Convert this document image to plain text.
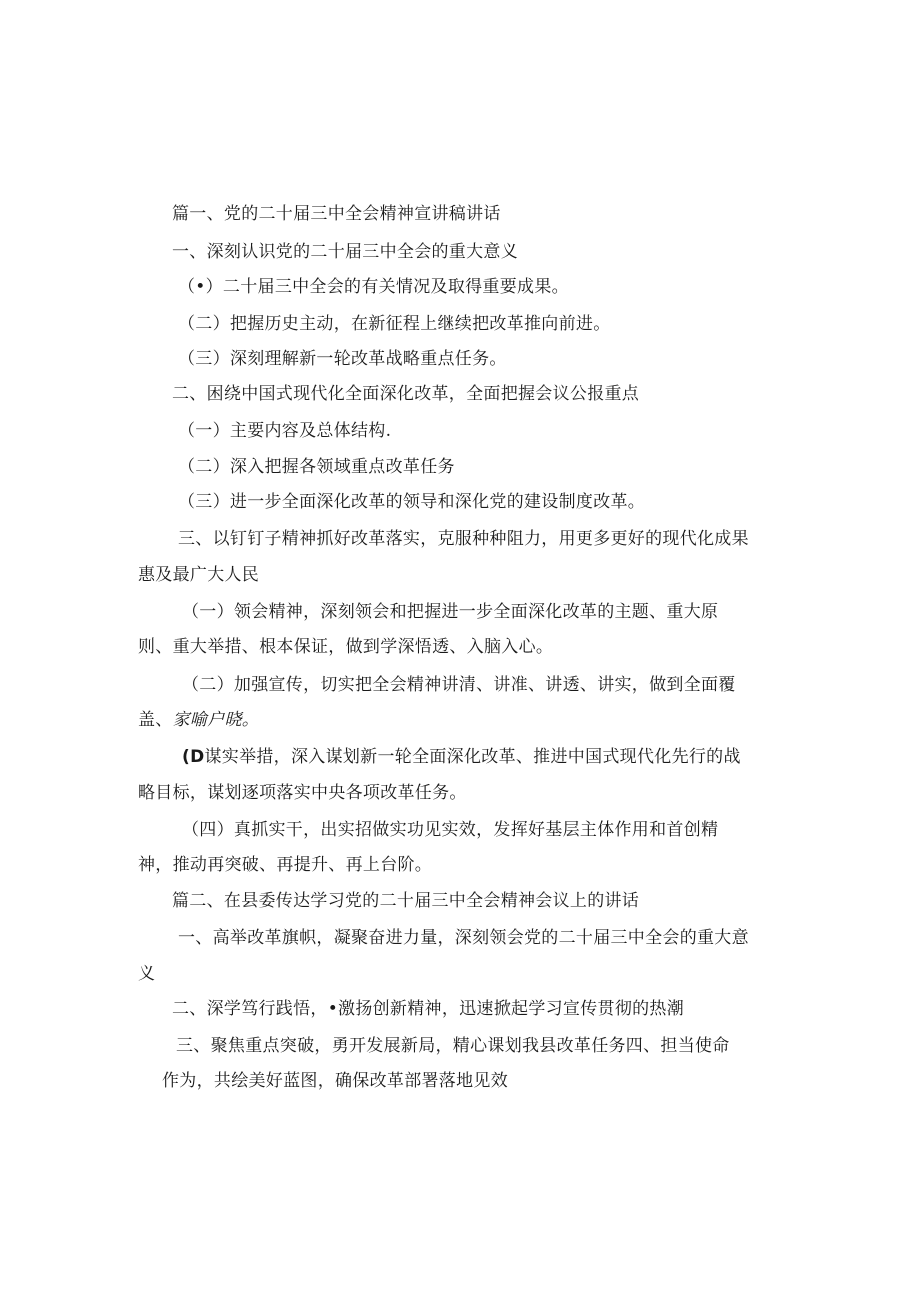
篇一、党的二十届三中全会精神宣讲稿讲话
一、深刻认识党的二十届三中全会的重大意义
（•）二十届三中全会的有关情况及取得重要成果。
（二）把握历史主动，在新征程上继续把改革推向前进。
（三）深刻理解新一轮改革战略重点任务。
二、困绕中国式现代化全面深化改革，全面把握会议公报重点
（一）主要内容及总体结构.
（二）深入把握各领域重点改革任务
（三）进一步全面深化改革的领导和深化党的建设制度改革。
三、以钉钉子精神抓好改革落实，克服种种阻力，用更多更好的现代化成果
惠及最广大人民
（一）领会精神，深刻领会和把握进一步全面深化改革的主题、重大原
则、重大举措、根本保证，做到学深悟透、入脑入心。
（二）加强宣传，切实把全会精神讲清、讲准、讲透、讲实，做到全面覆
盖、家喻户晓。
(D谋实举措，深入谋划新一轮全面深化改革、推进中国式现代化先行的战
略目标，谋划逐项落实中央各项改革任务。
（四）真抓实干，出实招做实功见实效，发挥好基层主体作用和首创精
神，推动再突破、再提升、再上台阶。
篇二、在县委传达学习党的二十届三中全会精神会议上的讲话
一、高举改革旗帜，凝聚奋进力量，深刻领会党的二十届三中全会的重大意
义
二、深学笃行践悟，•激扬创新精神，迅速掀起学习宣传贯彻的热潮
三、聚焦重点突破，勇开发展新局，精心课划我县改革任务四、担当使命
作为，共绘美好蓝图，确保改革部署落地见效
